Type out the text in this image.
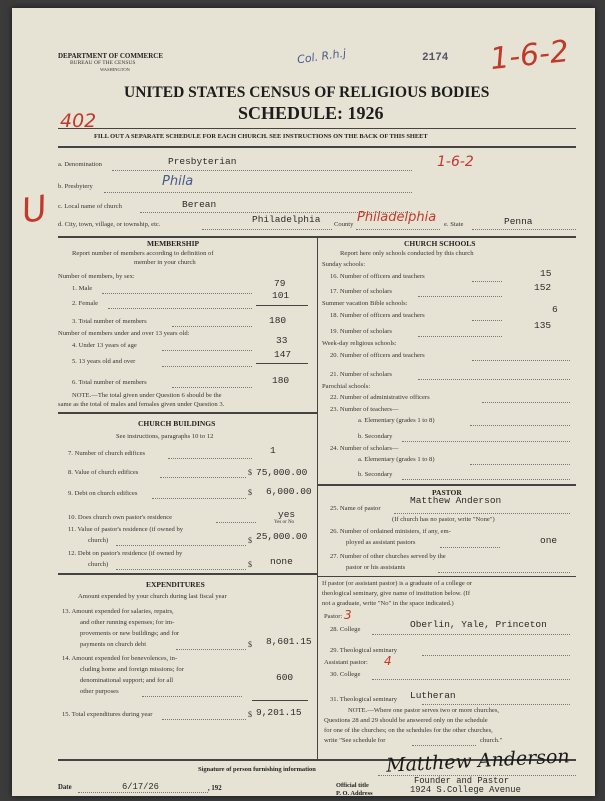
DEPARTMENT OF COMMERCE
BUREAU OF THE CENSUS
WASHINGTON
Col. R.h.j	2174 1-6-2
402
UNITED STATES CENSUS OF RELIGIOUS BODIES
SCHEDULE: 1926
FILL OUT A SEPARATE SCHEDULE FOR EACH CHURCH. SEE INSTRUCTIONS ON THE BACK OF THIS SHEET
a. Denomination	Presbyterian	1-6-2
b. Presbytery	Phila
c. Local name of church	Berean
d. City, town, village, or township, etc.	Philadelphia County Philadelphia e. State	Penna
U
MEMBERSHIP
Report number of members according to definition of
member in your church
Number of members, by sex:
1. Male	79
2. Female
101
3. Total number of members	180
Number of members under and over 13 years old:
4. Under 13 years of age	33
5. 13 years old and over
147
6. Total number of members	180
NOTE.—The total given under Question 6 should be the
same as the total of males and females given under Question 3.
CHURCH BUILDINGS
See instructions, paragraphs 10 to 12
7. Number of church edifices	1
8. Value of church edifices	$ 75,000.00
9. Debt on church edifices	$ 6,000.00
10. Does church own pastor's residence	yes
Yes or No
11. Value of pastor's residence (if owned by
church)	$ 25,000.00
12. Debt on pastor's residence (if owned by
church)	$ none
EXPENDITURES
Amount expended by your church during last fiscal year
13. Amount expended for salaries, repairs,
and other running expenses; for im-
provements or new buildings; and for
payments on church debt	$ 8,601.15
14. Amount expended for benevolences, in-
cluding home and foreign missions; for
denominational support; and for all
other purposes
600
15. Total expenditures during year	$ 9,201.15
CHURCH SCHOOLS
Report here only schools conducted by this church
Sunday schools:
16. Number of officers and teachers	15
17. Number of scholars	152
Summer vacation Bible schools:
18. Number of officers and teachers
6
19. Number of scholars
135
Week-day religious schools:
20. Number of officers and teachers
21. Number of scholars
Parochial schools:
22. Number of administrative officers
23. Number of teachers—
a. Elementary (grades 1 to 8)
b. Secondary
24. Number of scholars—
a. Elementary (grades 1 to 8)
b. Secondary
PASTOR
25. Name of pastor
Matthew Anderson
(If church has no pastor, write "None")
26. Number of ordained ministers, if any, em-
ployed as assistant pastors	one
27. Number of other churches served by the
pastor or his assistants
If pastor (or assistant pastor) is a graduate of a college or
theological seminary, give name of institution below. (If
not a graduate, write "No" in the space indicated.)
Pastor: 3
28. College	Oberlin, Yale, Princeton
29. Theological seminary
Assistant pastor: 4
30. College
31. Theological seminary Lutheran
NOTE.—Where one pastor serves two or more churches,
Questions 28 and 29 should be answered only on the schedule
for one of the churches; on the schedules for the other churches,
write "See schedule for	church."
Signature of person furnishing information	Matthew Anderson
Official title	Founder and Pastor
Date	6/17/26	, 192
P. O. Address	1924 S.College Avenue
8—5518 a	11—9064d
